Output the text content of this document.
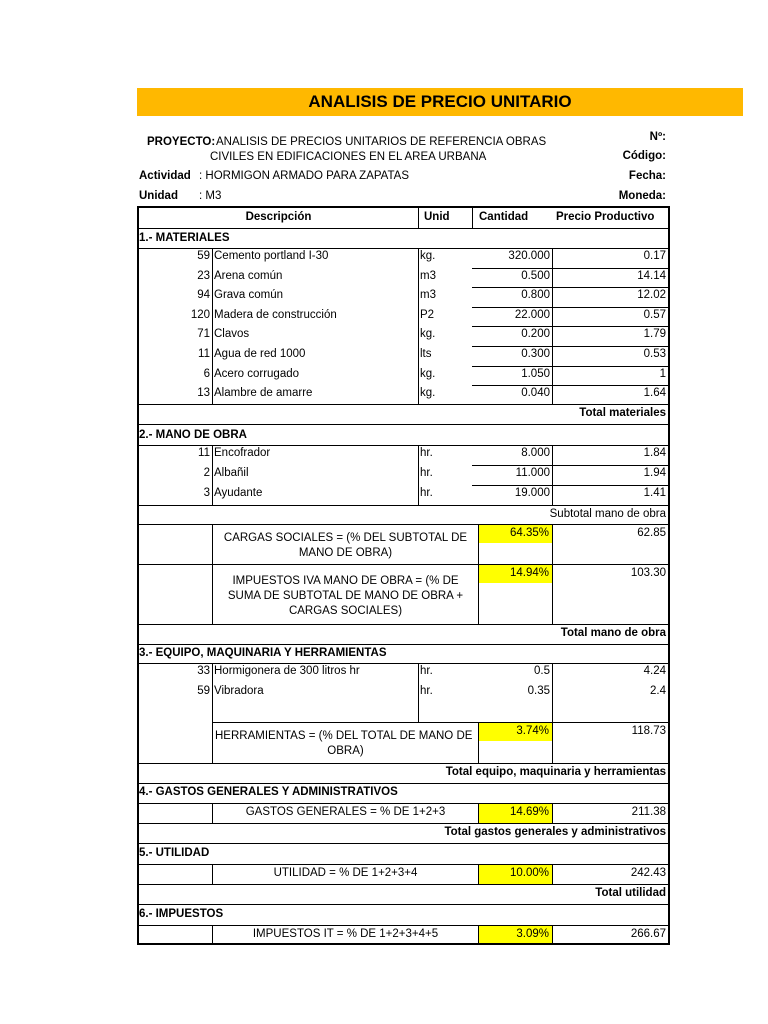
ANALISIS DE PRECIO UNITARIO
PROYECTO: ANALISIS DE PRECIOS UNITARIOS DE REFERENCIA OBRAS
CIVILES EN EDIFICACIONES EN EL AREA URBANA
Actividad : HORMIGON ARMADO PARA ZAPATAS
Unidad : M3
Nº:
Código:
Fecha:
Moneda:
Descripción	Unid	Cantidad Precio Productivo
1.- MATERIALES
59 Cemento portland I-30	kg.	320.000	0.17
23 Arena común	m3	0.500	14.14
94 Grava común	m3	0.800	12.02
120 Madera de construcción	P2	22.000	0.57
71 Clavos	kg.	0.200	1.79
11 Agua de red 1000	lts	0.300	0.53
6 Acero corrugado	kg.	1.050	1
13 Alambre de amarre	kg.	0.040	1.64
Total materiales
2.- MANO DE OBRA
11 Encofrador	hr.	8.000	1.84
2 Albañil	hr.	11.000	1.94
3 Ayudante	hr.	19.000	1.41
Subtotal mano de obra
CARGAS SOCIALES = (% DEL SUBTOTAL DE
MANO DE OBRA)
64.35%	62.85
IMPUESTOS IVA MANO DE OBRA = (% DE
SUMA DE SUBTOTAL DE MANO DE OBRA +
CARGAS SOCIALES)
14.94%	103.30
Total mano de obra
3.- EQUIPO, MAQUINARIA Y HERRAMIENTAS
33 Hormigonera de 300 litros hr	hr.	0.5	4.24
59 Vibradora	hr.	0.35	2.4
HERRAMIENTAS = (% DEL TOTAL DE MANO DE
OBRA)
3.74%	118.73
Total equipo, maquinaria y herramientas
4.- GASTOS GENERALES Y ADMINISTRATIVOS
GASTOS GENERALES = % DE 1+2+3	14.69%	211.38
Total gastos generales y administrativos
5.- UTILIDAD
UTILIDAD = % DE 1+2+3+4	10.00%	242.43
Total utilidad
6.- IMPUESTOS
IMPUESTOS IT = % DE 1+2+3+4+5	3.09%	266.67
